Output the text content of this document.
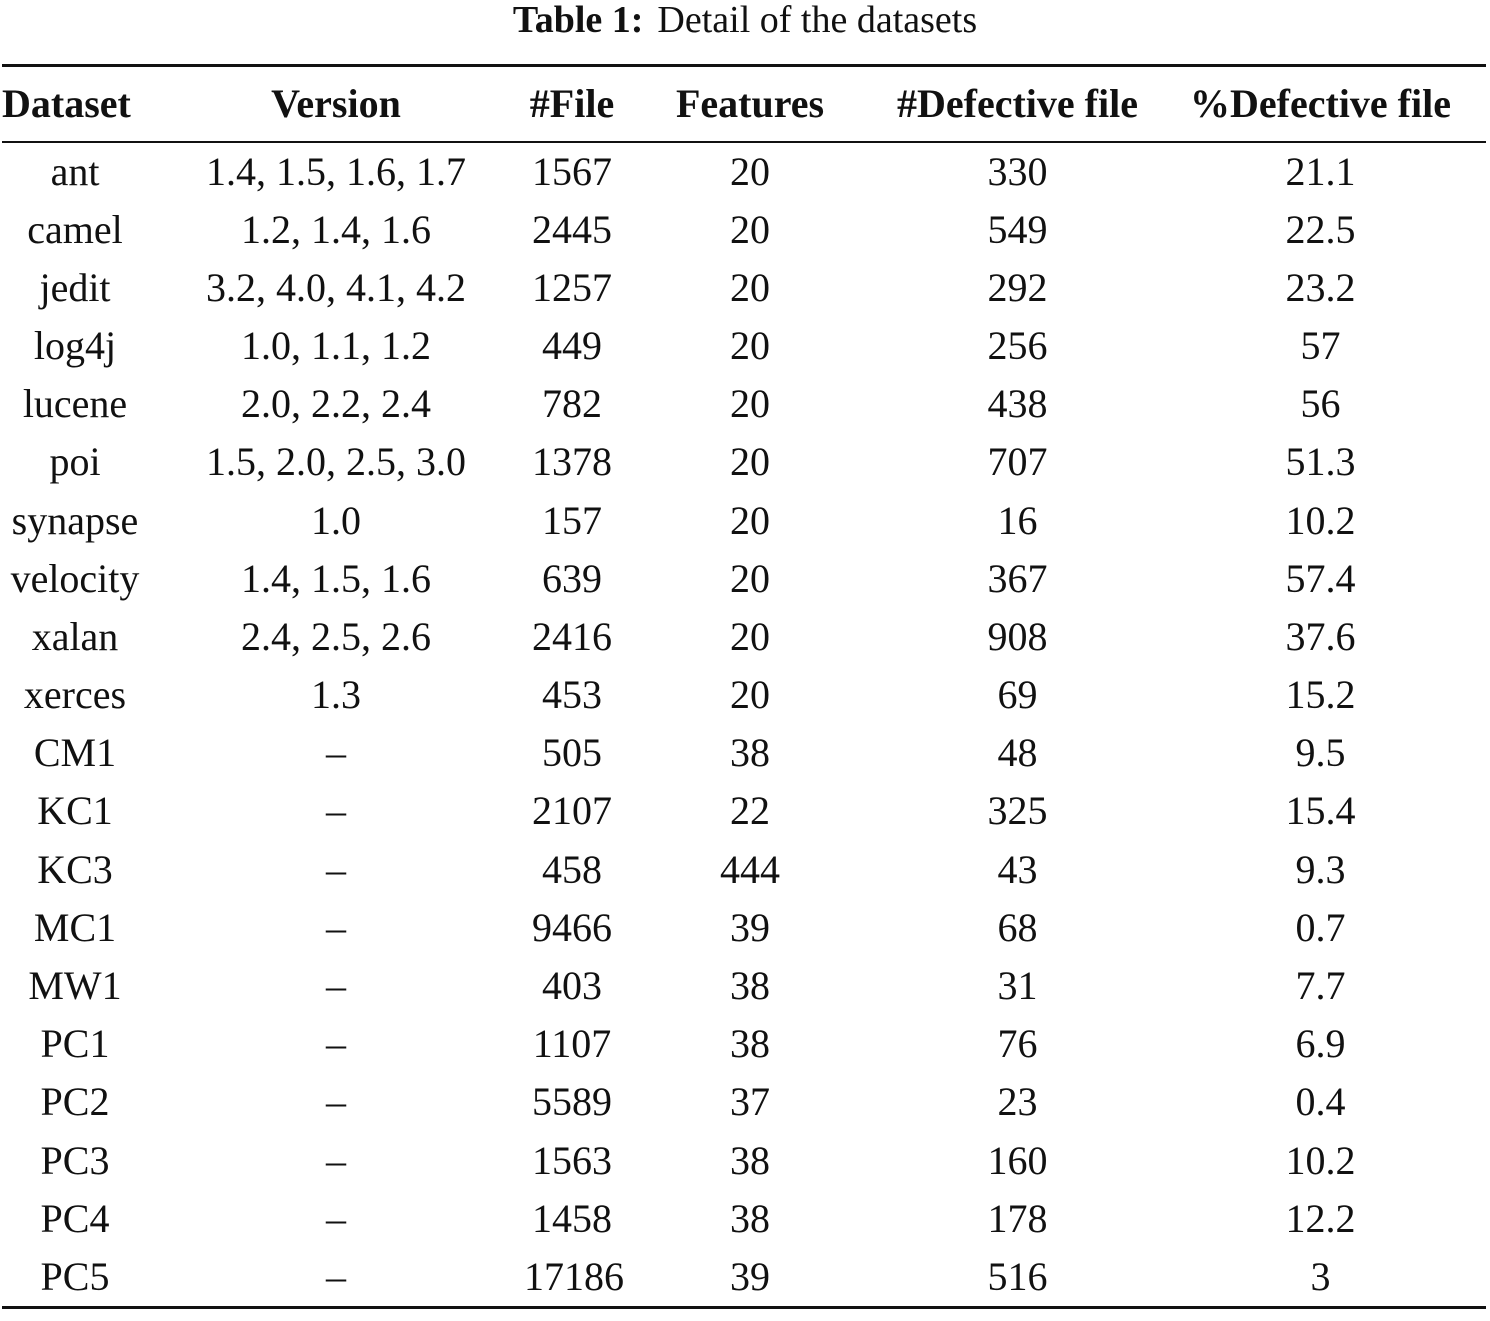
Table 1: Detail of the datasets
Dataset	Version	#File	Features	#Defective file	%Defective file
ant	1.4, 1.5, 1.6, 1.7	1567	20	330	21.1
camel	1.2, 1.4, 1.6	2445	20	549	22.5
jedit	3.2, 4.0, 4.1, 4.2	1257	20	292	23.2
log4j	1.0, 1.1, 1.2	449	20	256	57
lucene	2.0, 2.2, 2.4	782	20	438	56
poi	1.5, 2.0, 2.5, 3.0	1378	20	707	51.3
synapse	1.0	157	20	16	10.2
velocity	1.4, 1.5, 1.6	639	20	367	57.4
xalan	2.4, 2.5, 2.6	2416	20	908	37.6
xerces	1.3	453	20	69	15.2
CM1	–	505	38	48	9.5
KC1	–	2107	22	325	15.4
KC3	–	458	444	43	9.3
MC1	–	9466	39	68	0.7
MW1	–	403	38	31	7.7
PC1	–	1107	38	76	6.9
PC2	–	5589	37	23	0.4
PC3	–	1563	38	160	10.2
PC4	–	1458	38	178	12.2
PC5	–	17186	39	516	3
